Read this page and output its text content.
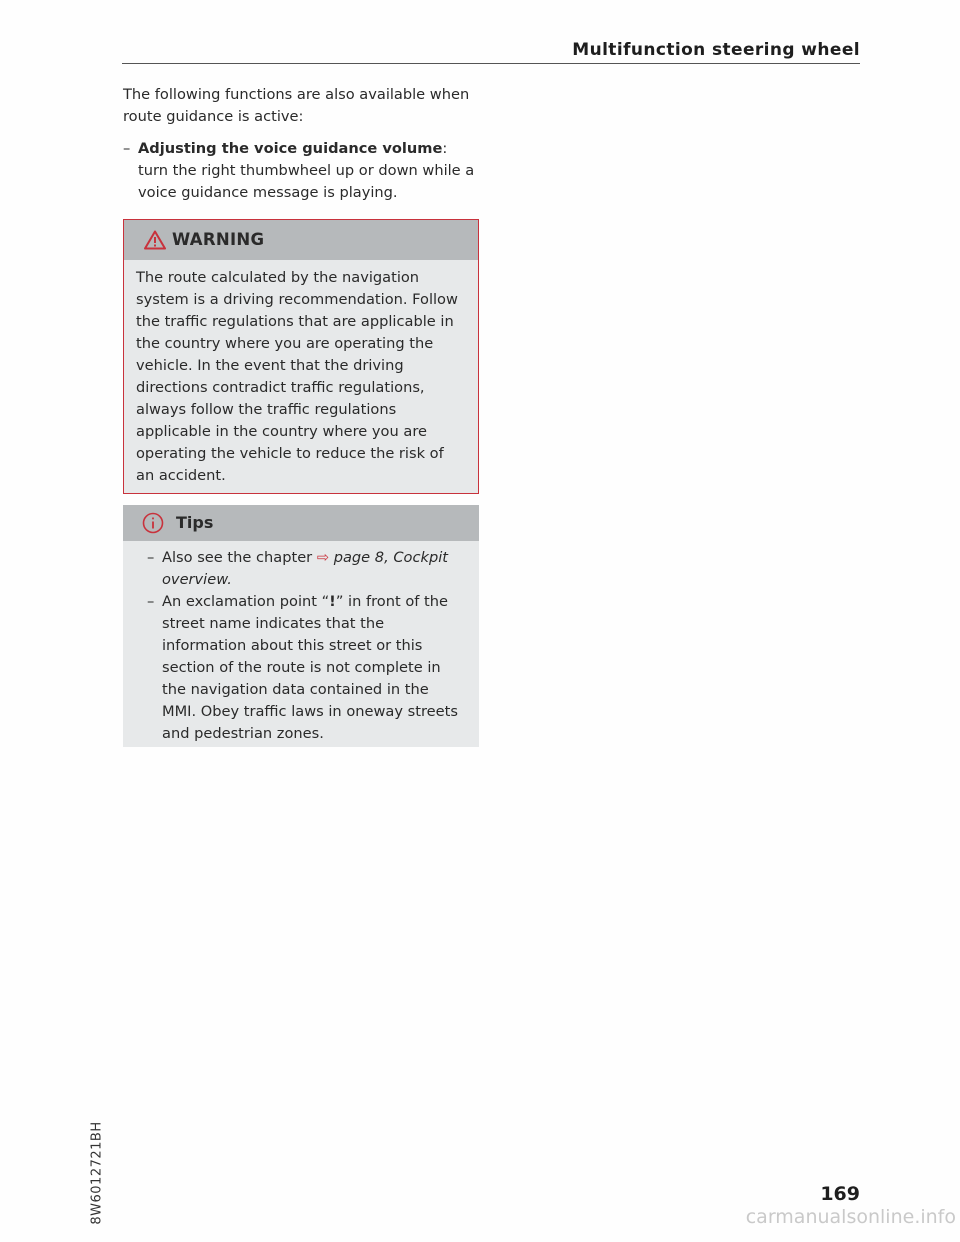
Multifunction steering wheel

The following functions are also available when route guidance is active:

– Adjusting the voice guidance volume: turn the right thumbwheel up or down while a voice guidance message is playing.

WARNING

The route calculated by the navigation system is a driving recommendation. Follow the traffic regulations that are applicable in the country where you are operating the vehicle. In the event that the driving directions contradict traffic regulations, always follow the traffic regulations applicable in the country where you are operating the vehicle to reduce the risk of an accident.

Tips

– Also see the chapter ⇨ page 8, Cockpit overview.

– An exclamation point “!” in front of the street name indicates that the information about this street or this section of the route is not complete in the navigation data contained in the MMI. Obey traffic laws in oneway streets and pedestrian zones.

8W6012721BH	169
carmanualsonline.info
